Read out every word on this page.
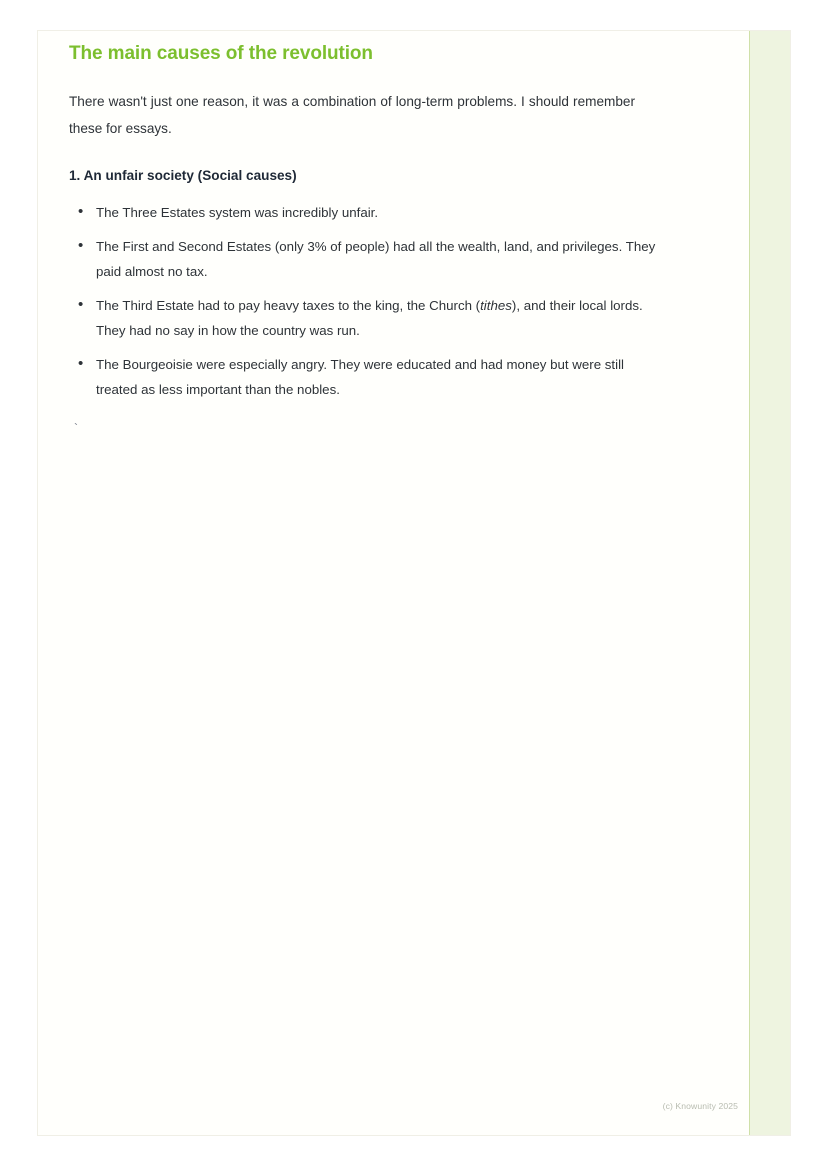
The main causes of the revolution

There wasn't just one reason, it was a combination of long-term problems. I should remember these for essays.

1. An unfair society (Social causes)
• The Three Estates system was incredibly unfair.
• The First and Second Estates (only 3% of people) had all the wealth, land, and privileges. They paid almost no tax.
• The Third Estate had to pay heavy taxes to the king, the Church (tithes), and their local lords. They had no say in how the country was run.
• The Bourgeoisie were especially angry. They were educated and had money but were still treated as less important than the nobles.
`
(c) Knowunity 2025
